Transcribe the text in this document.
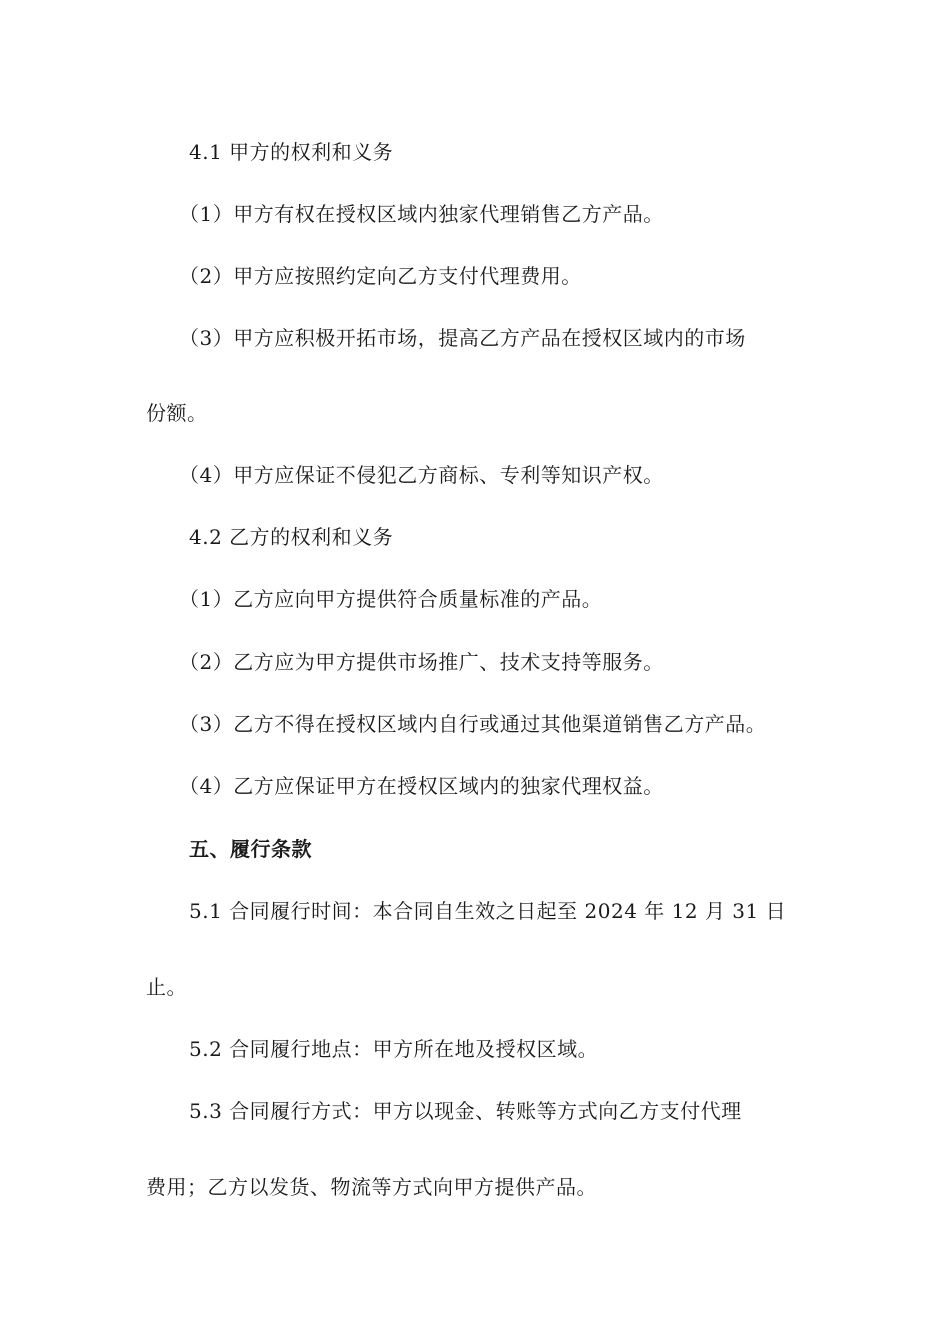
4.1 甲方的权利和义务
（1）甲方有权在授权区域内独家代理销售乙方产品。
（2）甲方应按照约定向乙方支付代理费用。
（3）甲方应积极开拓市场，提高乙方产品在授权区域内的市场
份额。
（4）甲方应保证不侵犯乙方商标、专利等知识产权。
4.2 乙方的权利和义务
（1）乙方应向甲方提供符合质量标准的产品。
（2）乙方应为甲方提供市场推广、技术支持等服务。
（3）乙方不得在授权区域内自行或通过其他渠道销售乙方产品。
（4）乙方应保证甲方在授权区域内的独家代理权益。
五、履行条款
5.1 合同履行时间：本合同自生效之日起至 2024 年 12 月 31 日
止。
5.2 合同履行地点：甲方所在地及授权区域。
5.3 合同履行方式：甲方以现金、转账等方式向乙方支付代理
费用；乙方以发货、物流等方式向甲方提供产品。
